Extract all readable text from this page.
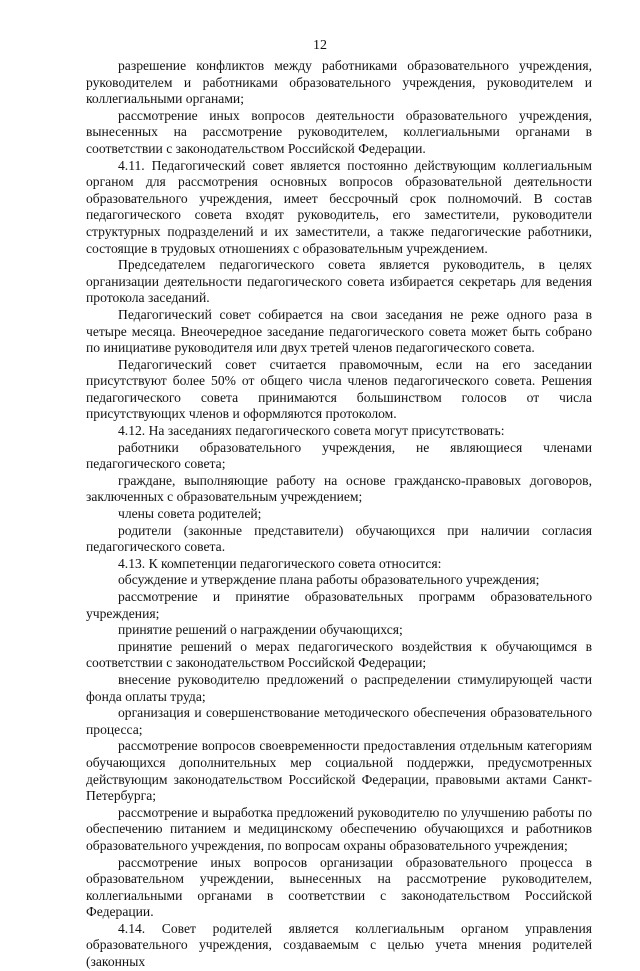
12

разрешение конфликтов между работниками образовательного учреждения, руководителем и работниками образовательного учреждения, руководителем и коллегиальными органами;

рассмотрение иных вопросов деятельности образовательного учреждения, вынесенных на рассмотрение руководителем, коллегиальными органами в соответствии с законодательством Российской Федерации.

4.11. Педагогический совет является постоянно действующим коллегиальным органом для рассмотрения основных вопросов образовательной деятельности образовательного учреждения, имеет бессрочный срок полномочий. В состав педагогического совета входят руководитель, его заместители, руководители структурных подразделений и их заместители, а также педагогические работники, состоящие в трудовых отношениях с образовательным учреждением.

Председателем педагогического совета является руководитель, в целях организации деятельности педагогического совета избирается секретарь для ведения протокола заседаний.

Педагогический совет собирается на свои заседания не реже одного раза в четыре месяца. Внеочередное заседание педагогического совета может быть собрано по инициативе руководителя или двух третей членов педагогического совета.

Педагогический совет считается правомочным, если на его заседании присутствуют более 50% от общего числа членов педагогического совета. Решения педагогического совета принимаются большинством голосов от числа присутствующих членов и оформляются протоколом.

4.12. На заседаниях педагогического совета могут присутствовать:

работники образовательного учреждения, не являющиеся членами педагогического совета;

граждане, выполняющие работу на основе гражданско-правовых договоров, заключенных с образовательным учреждением;

члены совета родителей;

родители (законные представители) обучающихся при наличии согласия педагогического совета.

4.13. К компетенции педагогического совета относится:

обсуждение и утверждение плана работы образовательного учреждения;

рассмотрение и принятие образовательных программ образовательного учреждения;

принятие решений о награждении обучающихся;

принятие решений о мерах педагогического воздействия к обучающимся в соответствии с законодательством Российской Федерации;

внесение руководителю предложений о распределении стимулирующей части фонда оплаты труда;

организация и совершенствование методического обеспечения образовательного процесса;

рассмотрение вопросов своевременности предоставления отдельным категориям обучающихся дополнительных мер социальной поддержки, предусмотренных действующим законодательством Российской Федерации, правовыми актами Санкт-Петербурга;

рассмотрение и выработка предложений руководителю по улучшению работы по обеспечению питанием и медицинскому обеспечению обучающихся и работников образовательного учреждения, по вопросам охраны образовательного учреждения;

рассмотрение иных вопросов организации образовательного процесса в образовательном учреждении, вынесенных на рассмотрение руководителем, коллегиальными органами в соответствии с законодательством Российской Федерации.

4.14. Совет родителей является коллегиальным органом управления образовательного учреждения, создаваемым с целью учета мнения родителей (законных
